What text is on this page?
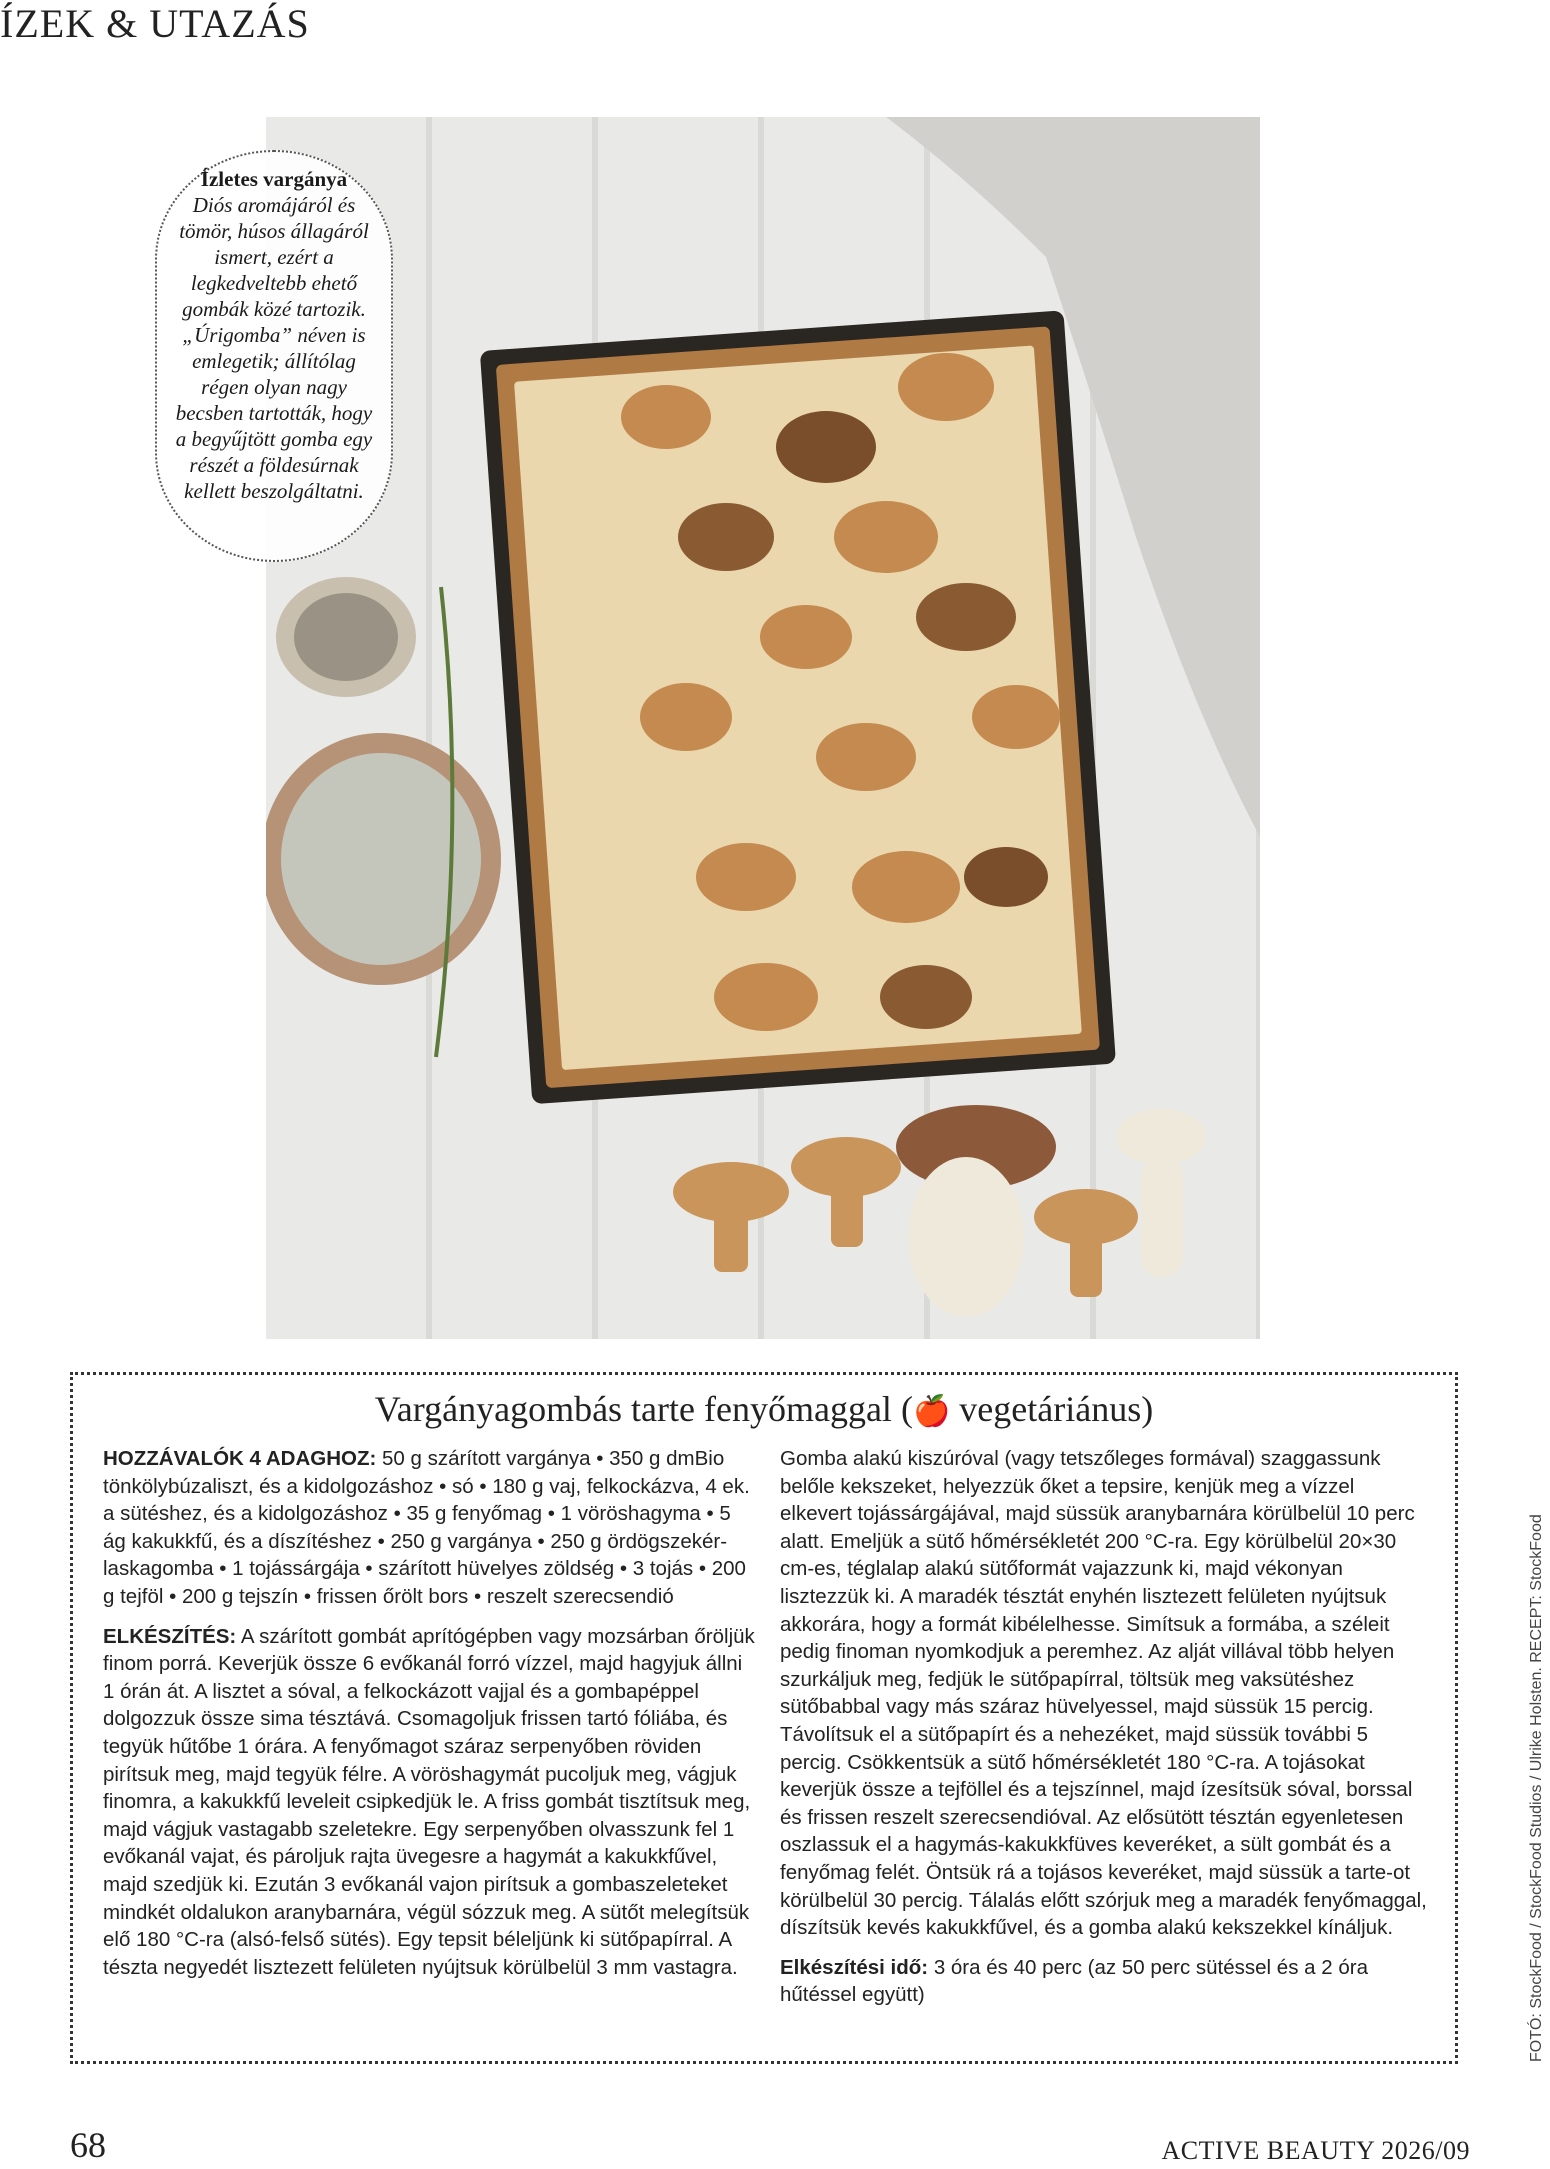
ÍZEK & UTAZÁS
Ízletes vargánya
Diós aromájáról és tömör, húsos állagáról ismert, ezért a legkedveltebb ehető gombák közé tartozik. „Úrigomba” néven is emlegetik; állítólag régen olyan nagy becsben tartották, hogy a begyűjtött gomba egy részét a földesúrnak kellett beszolgáltatni.
Vargányagombás tarte fenyőmaggal (🍎 vegetáriánus)

HOZZÁVALÓK 4 ADAGHOZ: 50 g szárított vargánya • 350 g dmBio tönkölybúzaliszt, és a kidolgozáshoz • só • 180 g vaj, felkockázva, 4 ek. a sütéshez, és a kidolgozáshoz • 35 g fenyőmag • 1 vöröshagyma • 5 ág kakukkfű, és a díszítéshez • 250 g vargánya • 250 g ördögszekér-laskagomba • 1 tojássárgája • szárított hüvelyes zöldség • 3 tojás • 200 g tejföl • 200 g tejszín • frissen őrölt bors • reszelt szerecsendió

ELKÉSZÍTÉS: A szárított gombát aprítógépben vagy mozsárban őröljük finom porrá. Keverjük össze 6 evőkanál forró vízzel, majd hagyjuk állni 1 órán át. A lisztet a sóval, a felkockázott vajjal és a gombapéppel dolgozzuk össze sima tésztává. Csomagoljuk frissen tartó fóliába, és tegyük hűtőbe 1 órára. A fenyőmagot száraz serpenyőben röviden pirítsuk meg, majd tegyük félre. A vöröshagymát pucoljuk meg, vágjuk finomra, a kakukkfű leveleit csipkedjük le. A friss gombát tisztítsuk meg, majd vágjuk vastagabb szeletekre. Egy serpenyőben olvasszunk fel 1 evőkanál vajat, és pároljuk rajta üvegesre a hagymát a kakukkfűvel, majd szedjük ki. Ezután 3 evőkanál vajon pirítsuk a gombaszeleteket mindkét oldalukon aranybarnára, végül sózzuk meg. A sütőt melegítsük elő 180 °C-ra (alsó-felső sütés). Egy tepsit béleljünk ki sütőpapírral. A tészta negyedét lisztezett felületen nyújtsuk körülbelül 3 mm vastagra.

Gomba alakú kiszúróval (vagy tetszőleges formával) szaggassunk belőle kekszeket, helyezzük őket a tepsire, kenjük meg a vízzel elkevert tojássárgájával, majd süssük aranybarnára körülbelül 10 perc alatt. Emeljük a sütő hőmérsékletét 200 °C-ra. Egy körülbelül 20×30 cm-es, téglalap alakú sütőformát vajazzunk ki, majd vékonyan lisztezzük ki. A maradék tésztát enyhén lisztezett felületen nyújtsuk akkorára, hogy a formát kibélelhesse. Simítsuk a formába, a széleit pedig finoman nyomkodjuk a peremhez. Az alját villával több helyen szurkáljuk meg, fedjük le sütőpapírral, töltsük meg vaksütéshez sütőbabbal vagy más száraz hüvelyessel, majd süssük 15 percig. Távolítsuk el a sütőpapírt és a nehezéket, majd süssük további 5 percig. Csökkentsük a sütő hőmérsékletét 180 °C-ra. A tojásokat keverjük össze a tejföllel és a tejszínnel, majd ízesítsük sóval, borssal és frissen reszelt szerecsendióval. Az elősütött tésztán egyenletesen oszlassuk el a hagymás-kakukkfüves keveréket, a sült gombát és a fenyőmag felét. Öntsük rá a tojásos keveréket, majd süssük a tarte-ot körülbelül 30 percig. Tálalás előtt szórjuk meg a maradék fenyőmaggal, díszítsük kevés kakukkfűvel, és a gomba alakú kekszekkel kínáljuk.

Elkészítési idő: 3 óra és 40 perc (az 50 perc sütéssel és a 2 óra hűtéssel együtt)	FOTÓ: StockFood / StockFood Studios / Ulrike Holsten. RECEPT: StockFood
68	ACTIVE BEAUTY 2026/09
